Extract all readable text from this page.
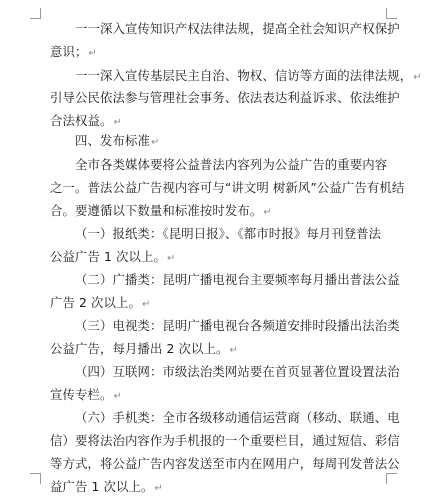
一一深入宣传知识产权法律法规，提高全社会知识产权保护
意识；↵
一一深入宣传基层民主自治、物权、信访等方面的法律法规，↵
引导公民依法参与管理社会事务、依法表达利益诉求、依法维护
合法权益。↵
四、发布标准↵
全市各类媒体要将公益普法内容列为公益广告的重要内容
之一。普法公益广告视内容可与“讲文明 树新风”公益广告有机结
合。要遵循以下数量和标准按时发布。↵
（一）报纸类：《昆明日报》、《都市时报》每月刊登普法
公益广告 1 次以上。↵
（二）广播类：昆明广播电视台主要频率每月播出普法公益
广告 2 次以上。↵
（三）电视类：昆明广播电视台各频道安排时段播出法治类
公益广告，每月播出 2 次以上。↵
（四）互联网：市级法治类网站要在首页显著位置设置法治
宣传专栏。↵
（六）手机类：全市各级移动通信运营商（移动、联通、电
信）要将法治内容作为手机报的一个重要栏目，通过短信、彩信
等方式，将公益广告内容发送至市内在网用户，每周刊发普法公
益广告 1 次以上。↵
